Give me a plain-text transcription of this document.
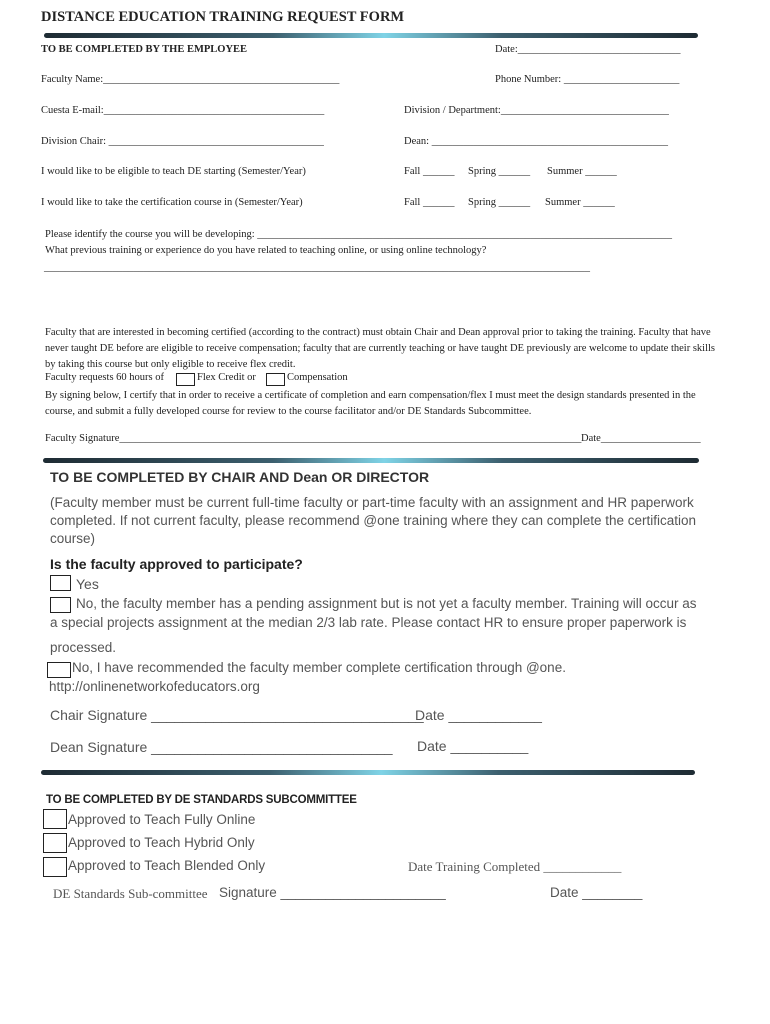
DISTANCE EDUCATION TRAINING REQUEST FORM
TO BE COMPLETED BY THE EMPLOYEE	Date:_______________________________
Faculty Name:_____________________________________________	Phone Number: ______________________
Cuesta E-mail:__________________________________________	Division / Department:________________________________
Division Chair: _________________________________________	Dean: _____________________________________________
I would like to be eligible to teach DE starting (Semester/Year)	Fall ______ Spring ______ Summer ______
I would like to take the certification course in (Semester/Year)	Fall ______ Spring ______ Summer ______
Please identify the course you will be developing: _______________________________________________________________________________
What previous training or experience do you have related to teaching online, or using online technology?
________________________________________________________________________________________________________
Faculty that are interested in becoming certified (according to the contract) must obtain Chair and Dean approval prior to taking the training. Faculty that have never taught DE before are eligible to receive compensation; faculty that are currently teaching or have taught DE previously are welcome to update their skills by taking this course but only eligible to receive flex credit.
Faculty requests 60 hours of	Flex Credit or	Compensation
By signing below, I certify that in order to receive a certificate of completion and earn compensation/flex I must meet the design standards presented in the course, and submit a fully developed course for review to the course facilitator and/or DE Standards Subcommittee.
Faculty Signature________________________________________________________________________________________ Date___________________
TO BE COMPLETED BY CHAIR AND Dean OR DIRECTOR
(Faculty member must be current full-time faculty or part-time faculty with an assignment and HR paperwork completed. If not current faculty, please recommend @one training where they can complete the certification course)
Is the faculty approved to participate?
Yes
No, the faculty member has a pending assignment but is not yet a faculty member. Training will occur as
a special projects assignment at the median 2/3 lab rate. Please contact HR to ensure proper paperwork is
processed.
No, I have recommended the faculty member complete certification through @one.
http://onlinenetworkofeducators.org
Chair Signature ___________________________________
Date ____________
Dean Signature _______________________________ Date __________
TO BE COMPLETED BY DE STANDARDS SUBCOMMITTEE
Approved to Teach Fully Online
Approved to Teach Hybrid Only
Approved to Teach Blended Only	Date Training Completed ____________
DE Standards Sub-committee Signature ______________________	Date ________
